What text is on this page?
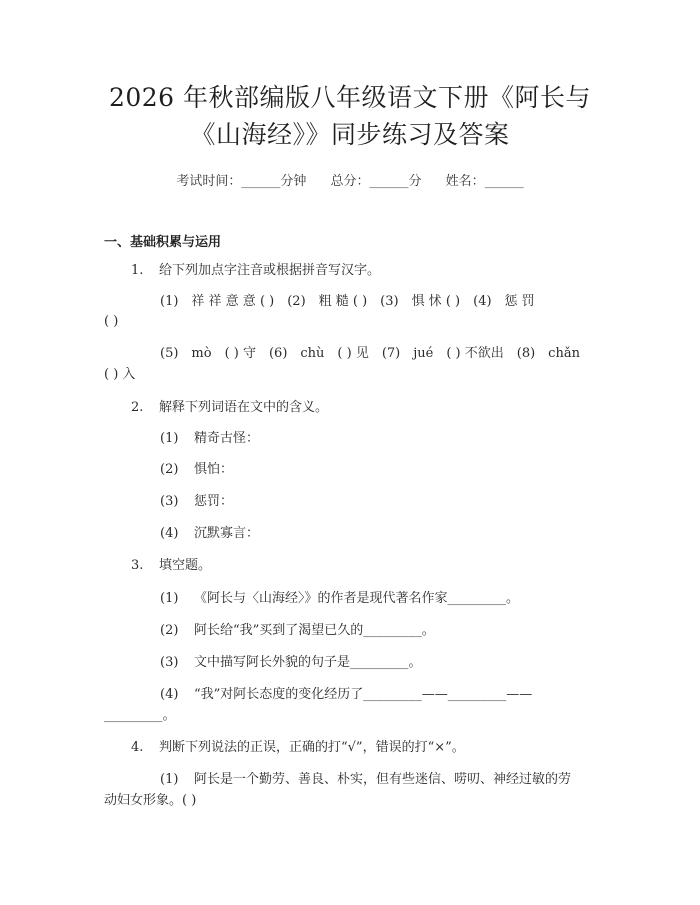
2026 年秋部编版八年级语文下册《阿长与
《山海经》》同步练习及答案
考试时间：______分钟 总分：______分 姓名：______
一、基础积累与运用
1. 给下列加点字注音或根据拼音写汉字。
(1)　祥 祥 意 意 ( )　(2)　粗 糙 ( )　(3)　惧 怵 ( )　(4)　惩 罚
( )
(5)　mò　( ) 守　(6)　chù　( ) 见　(7)　jué　( ) 不欲出　(8)　chǎn
( ) 入
2. 解释下列词语在文中的含义。
(1) 精奇古怪：
(2) 惧怕：
(3) 惩罚：
(4) 沉默寡言：
3. 填空题。
(1) 《阿长与〈山海经〉》的作者是现代著名作家_________。
(2) 阿长给“我”买到了渴望已久的_________。
(3) 文中描写阿长外貌的句子是_________。
(4) “我”对阿长态度的变化经历了_________——_________——
_________。
4. 判断下列说法的正误，正确的打“√”，错误的打“×”。
(1) 阿长是一个勤劳、善良、朴实，但有些迷信、唠叨、神经过敏的劳
动妇女形象。( )
